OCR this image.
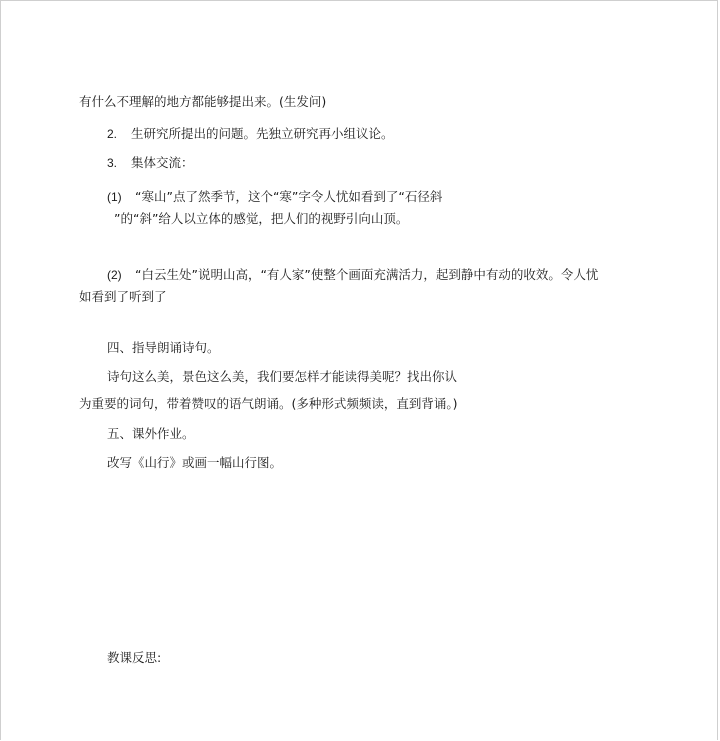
有什么不理解的地方都能够提出来。(生发问)
2. 生研究所提出的问题。先独立研究再小组议论。
3. 集体交流：
(1) “寒山”点了然季节，这个“寒”字令人忧如看到了“石径斜
”的“斜”给人以立体的感觉，把人们的视野引向山顶。
(2) “白云生处”说明山高，“有人家”使整个画面充满活力，起到静中有动的收效。令人忧
如看到了听到了
四、指导朗诵诗句。
诗句这么美，景色这么美，我们要怎样才能读得美呢？找出你认
为重要的词句，带着赞叹的语气朗诵。(多种形式频频读，直到背诵。)
五、课外作业。
改写《山行》或画一幅山行图。
教课反思:
